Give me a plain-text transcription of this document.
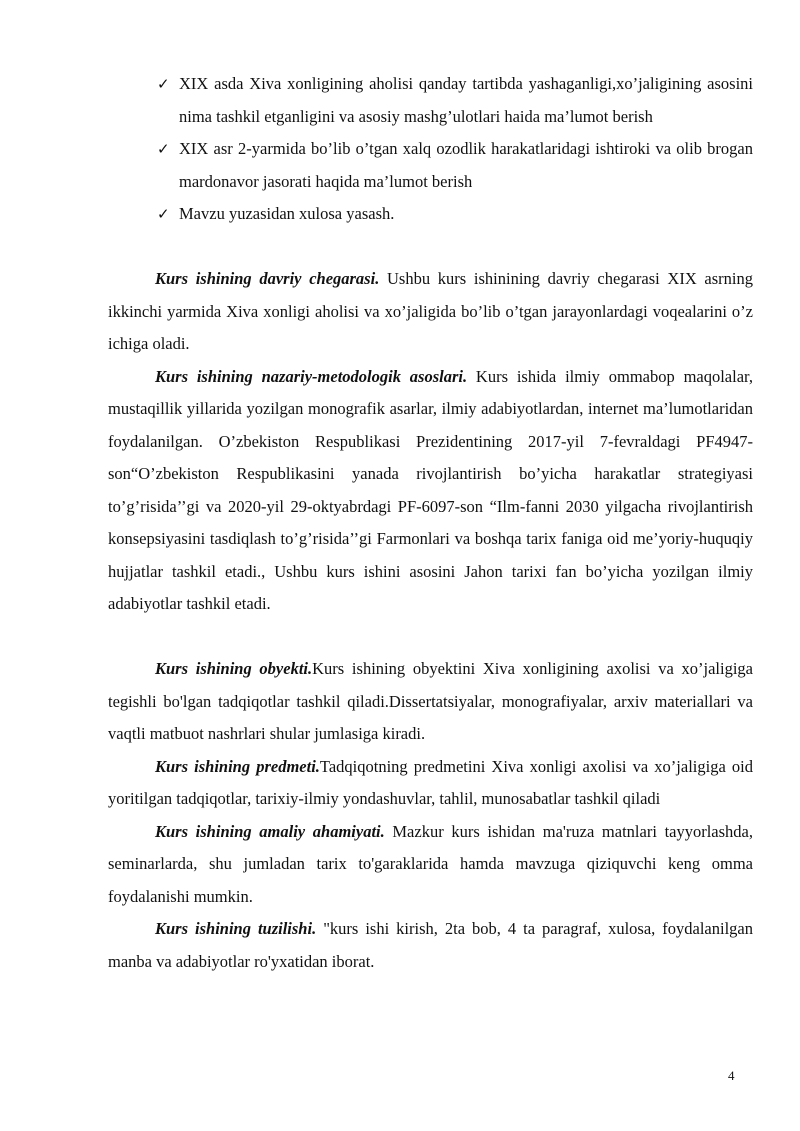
✓ XIX asda Xiva xonligining aholisi qanday tartibda yashaganligi,xo’jaligining asosini nima tashkil etganligini va asosiy mashg’ulotlari haida ma’lumot berish
✓ XIX asr 2-yarmida bo’lib o’tgan xalq ozodlik harakatlaridagi ishtiroki va olib brogan mardonavor jasorati haqida ma’lumot berish
✓ Mavzu yuzasidan xulosa yasash.

Kurs ishining davriy chegarasi. Ushbu kurs ishinining davriy chegarasi XIX asrning ikkinchi yarmida Xiva xonligi aholisi va xo’jaligida bo’lib o’tgan jarayonlardagi voqealarini o’z ichiga oladi.

Kurs ishining nazariy-metodologik asoslari. Kurs ishida ilmiy ommabop maqolalar, mustaqillik yillarida yozilgan monografik asarlar, ilmiy adabiyotlardan, internet ma’lumotlaridan foydalanilgan. O’zbekiston Respublikasi Prezidentining 2017-yil 7-fevraldagi PF4947-son“O’zbekiston Respublikasini yanada rivojlantirish bo’yicha harakatlar strategiyasi to’g’risida’’gi va 2020-yil 29-oktyabrdagi PF-6097-son “Ilm-fanni 2030 yilgacha rivojlantirish konsepsiyasini tasdiqlash to’g’risida’’gi Farmonlari va boshqa tarix faniga oid me’yoriy-huquqiy hujjatlar tashkil etadi., Ushbu kurs ishini asosini Jahon tarixi fan bo’yicha yozilgan ilmiy adabiyotlar tashkil etadi.

Kurs ishining obyekti.Kurs ishining obyektini Xiva xonligining axolisi va xo’jaligiga tegishli bo'lgan tadqiqotlar tashkil qiladi.Dissertatsiyalar, monografiyalar, arxiv materiallari va vaqtli matbuot nashrlari shular jumlasiga kiradi.

Kurs ishining predmeti.Tadqiqotning predmetini Xiva xonligi axolisi va xo’jaligiga oid yoritilgan tadqiqotlar, tarixiy-ilmiy yondashuvlar, tahlil, munosabatlar tashkil qiladi

Kurs ishining amaliy ahamiyati. Mazkur kurs ishidan ma'ruza matnlari tayyorlashda, seminarlarda, shu jumladan tarix to'garaklarida hamda mavzuga qiziquvchi keng omma foydalanishi mumkin.

Kurs ishining tuzilishi. "kurs ishi kirish, 2ta bob, 4 ta paragraf, xulosa, foydalanilgan manba va adabiyotlar ro'yxatidan iborat.

4
